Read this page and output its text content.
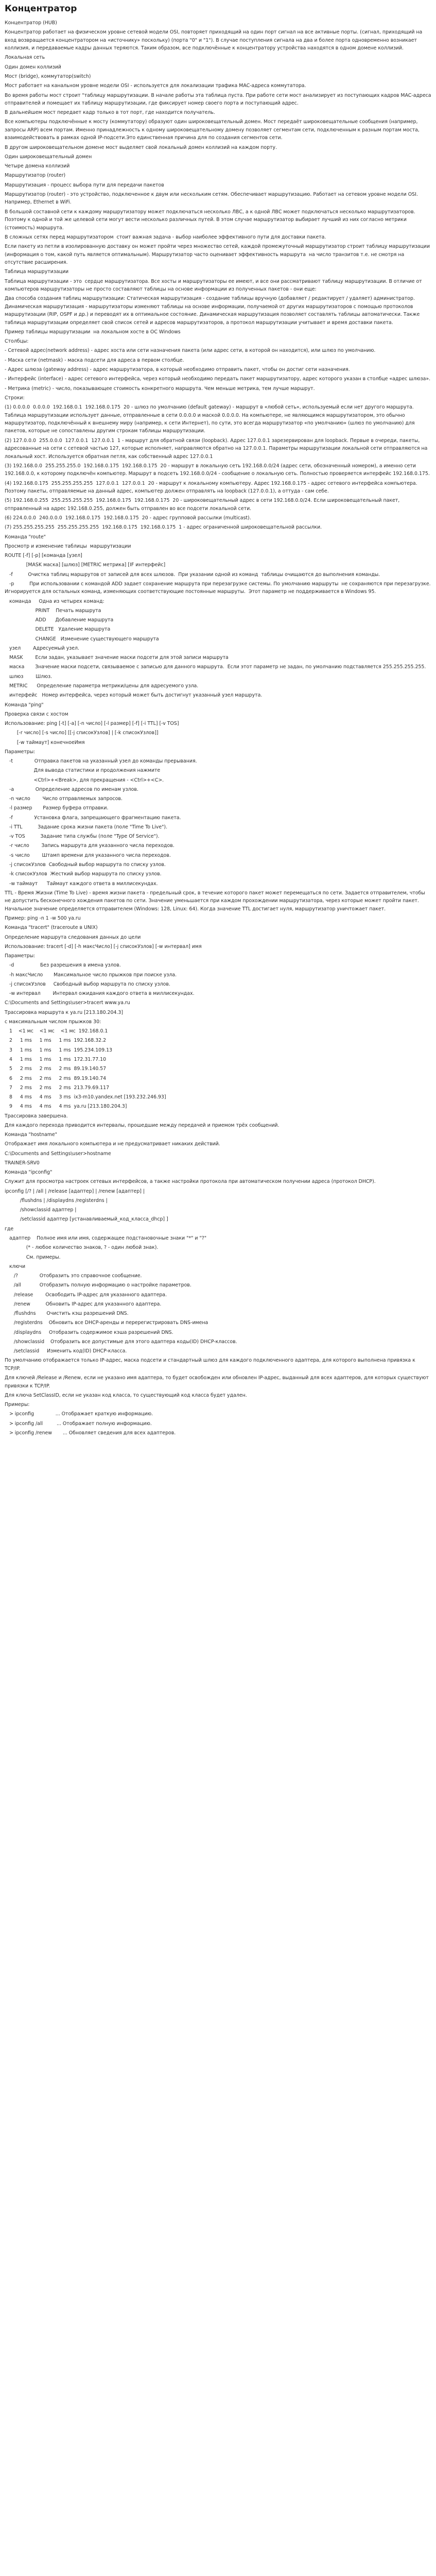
Концентратор
Концентратор (HUB)
Концентратор работает на физическом уровне сетевой модели OSI, повторяет приходящий на один порт сигнал на все активные порты. (сигнал, приходящий на вход возвращается концентратором на «источнику» поскольку) (порта "0" и "1"). В случае поступления сигнала на два и более порта одновременно возникает коллизия, и передаваемые кадры данных теряются. Таким образом, все подключённые к концентратору устройства находятся в одном домене коллизий.
Локальная сеть
Один домен коллизий
Мост (bridge), коммутатор(switch)
Мост работает на канальном уровне модели OSI - используется для локализации трафика MAC-адреса коммутатора.
Во время работы мост строит "таблицу маршрутизации. В начале работы эта таблица пуста. При работе сети мост анализирует из поступающих кадров MAC-адреса отправителей и помещает их таблицу маршрутизации, где фиксирует номер своего порта и поступающий адрес.
В дальнейшем мост передает кадр только в тот порт, где находится получатель.
Все компьютеры подключённые к мосту (коммутатору) образуют один широковещательный домен. Мост передаёт широковещательные сообщения (например, запросы ARP) всем портам. Именно принадлежность к одному широковещательному домену позволяет сегментам сети, подключенным к разным портам моста, взаимодействовать в рамках одной IP-подсети.Это единственная причина для по создания сегментов сети.
В другом широковещательном домене мост выделяет свой локальный домен коллизий на каждом порту.
Один широковещательный домен
Четыре домена коллизий
Маршрутизатор (router)
Маршрутизация - процесс выбора пути для передачи пакетов
Маршрутизатор (router) - это устройство, подключенное к двум или нескольким сетям. Обеспечивает маршрутизацию. Работает на сетевом уровне модели OSI. Например, Ethernet в WiFi.
В большой составной сети к каждому маршрутизатору может подключаться несколько ЛВС, а к одной ЛВС может подключаться несколько маршрутизаторов. Поэтому к одной и той же целевой сети могут вести несколько различных путей. В этом случае маршрутизатор выбирает лучший из них согласно метрики (стоимость) маршрута.
В сложных сетях перед маршрутизатором  стоит важная задача - выбор наиболее эффективного пути для доставки пакета.
Если пакету из петли в изолированную доставку он может пройти через множество сетей, каждой промежуточный маршрутизатор строит таблицу маршрутизации (информация о том, какой путь является оптимальным). Маршрутизатор часто оценивает эффективность маршрута  на число транзитов т.е. не смотря на отсутствие расширения.
Таблица маршрутизации
Таблица маршрутизации - это  сердце маршрутизатора. Все хосты и маршрутизаторы ее имеют, и все они рассматривают таблицу маршрутизации. В отличие от компьютеров маршрутизаторы не просто составляют таблицы на основе информации из полученных пакетов - они еще:
Два способа создания таблиц маршрутизации: Статическая маршрутизация - создание таблицы вручную (добавляет / редактирует / удаляет) администратор. Динамическая маршрутизация - маршрутизаторы изменяют таблицы на основе информации, получаемой от других маршрутизаторов с помощью протоколов маршрутизации (RIP, OSPF и др.) и переводят их в оптимальное состояние. Динамическая маршрутизация позволяет составлять таблицы автоматически. Также таблица маршрутизации определяет свой список сетей и адресов маршрутизаторов, а протокол маршрутизации учитывает и время доставки пакета.
Пример таблицы маршрутизации  на локальном хосте в ОС Windows
Столбцы:
- Сетевой адрес(network address) - адрес хоста или сети назначения пакета (или адрес сети, в которой он находится), или шлюз по умолчанию.
- Маска сети (netmask) - маска подсети для адреса в первом столбце.
- Адрес шлюза (gateway address) - адрес маршрутизатора, в который необходимо отправить пакет, чтобы он достиг сети назначения.
- Интерфейс (interface) - адрес сетевого интерфейса, через который необходимо передать пакет маршрутизатору, адрес которого указан в столбце «адрес шлюза».
- Метрика (metric) - число, показывающее стоимость конкретного маршрута. Чем меньше метрика, тем лучше маршрут.
Строки:
(1) 0.0.0.0  0.0.0.0  192.168.0.1  192.168.0.175  20 - шлюз по умолчанию (default gateway) - маршрут в «любой сеть», используемый если нет другого маршрута. Таблица маршрутизации использует данные, отправленные в сети 0.0.0.0 и маской 0.0.0.0. На компьютере, не являющимся маршрутизатором, это обычно маршрутизатор, подключённый к внешнему миру (например, к сети Интернет), по сути, это всегда маршрутизатор «по умолчанию» (шлюз по умолчанию) для пакетов, которые не сопоставлены другим строкам таблицы маршрутизации.
(2) 127.0.0.0  255.0.0.0  127.0.0.1  127.0.0.1  1 - маршрут для обратной связи (loopback). Адрес 127.0.0.1 зарезервирован для loopback. Первые в очереди, пакеты, адресованные на сети с сетевой частью 127, которые исполняет, направляются обратно на 127.0.0.1. Параметры маршрутизации локальной сети отправляются на локальный хост. Используется обратная петля, как собственный адрес 127.0.0.1
(3) 192.168.0.0  255.255.255.0  192.168.0.175  192.168.0.175  20 - маршрут в локальную сеть 192.168.0.0/24 (адрес сети, обозначенный номером), а именно сети 192.168.0.0, к которому подключён компьютер. Маршрут в подсеть 192.168.0.0/24 - сообщение о локальную сеть. Полностью проверяется интерфейс 192.168.0.175.
(4) 192.168.0.175  255.255.255.255  127.0.0.1  127.0.0.1  20 - маршрут к локальному компьютеру. Адрес 192.168.0.175 - адрес сетевого интерфейса компьютера. Поэтому пакеты, отправляемые на данный адрес, компьютер должен отправлять на loopback (127.0.0.1), а оттуда - сам себе.
(5) 192.168.0.255  255.255.255.255  192.168.0.175  192.168.0.175  20 - широковещательный адрес в сети 192.168.0.0/24. Если широковещательный пакет, отправленный на адрес 192.168.0.255, должен быть отправлен во все подсети локальной сети.
(6) 224.0.0.0  240.0.0.0  192.168.0.175  192.168.0.175  20 - адрес групповой рассылки (multicast).
(7) 255.255.255.255  255.255.255.255  192.168.0.175  192.168.0.175  1 - адрес ограниченной широковещательной рассылки.
Команда "route"
Просмотр и изменение таблицы  маршрутизации
ROUTE [-f] [-p] [команда [узел]
[MASK маска] [шлюз] [METRIC метрика] [IF интерфейс]
-f          Очистка таблиц маршрутов от записей для всех шлюзов.  При указании одной из команд  таблицы очищаются до выполнения команды.
-p          При использовании с командой ADD задает сохранение маршрута при перезагрузке системы. По умолчанию маршруты  не сохраняются при перезагрузке. Игнорируется для остальных команд, изменяющих соответствующие постоянные маршруты.  Этот параметр не поддерживается в Windows 95.
команда     Одна из четырех команд:
PRINT    Печать маршрута
ADD      Добавление маршрута
DELETE   Удаление маршрута
CHANGE   Изменение существующего маршрута
узел        Адресуемый узел.
MASK        Если задан, указывает значение маски подсети для этой записи маршрута
маска       Значение маски подсети, связываемое с записью для данного маршрута.  Если этот параметр не задан, по умолчанию подставляется 255.255.255.255.
шлюз        Шлюз.
METRIC      Определение параметра метрики/цены для адресуемого узла.
интерфейс   Номер интерфейса, через который может быть достигнут указанный узел маршрута.
Команда "ping"
Проверка связи с хостом
Использование: ping [-t] [-a] [-n число] [-l размер] [-f] [-i TTL] [-v TOS]
[-r число] [-s число] [[-j списокУзлов] | [-k списокУзлов]]
[-w таймаут] конечноеИмя
Параметры:
-t              Отправка пакетов на указанный узел до команды прерывания.
Для вывода статистики и продолжения нажмите
<Ctrl>+<Break>, для прекращения - <Ctrl>+<C>.
-a              Определение адресов по именам узлов.
-n число        Число отправляемых запросов.
-l размер       Размер буфера отправки.
-f              Установка флага, запрещающего фрагментацию пакета.
-i TTL          Задание срока жизни пакета (поле "Time To Live").
-v TOS          Задание типа службы (поле "Type Of Service").
-r число        Запись маршрута для указанного числа переходов.
-s число        Штамп времени для указанного числа переходов.
-j списокУзлов  Свободный выбор маршрута по списку узлов.
-k списокУзлов  Жесткий выбор маршрута по списку узлов.
-w таймаут      Таймаут каждого ответа в миллисекундах.
TTL - Время Жизни (Time To Live) - время жизни пакета - предельный срок, в течение которого пакет может перемещаться по сети. Задается отправителем, чтобы не допустить бесконечного хождения пакетов по сети. Значение уменьшается при каждом прохождении маршрутизатора, через которые может пройти пакет. Начальное значение определяется отправителем (Windows: 128, Linux: 64). Когда значение TTL достигает нуля, маршрутизатор уничтожает пакет.
Пример: ping -n 1 -w 500 ya.ru
Команда "tracert" (traceroute в UNIX)
Определение маршрута следования данных до цели
Использование: tracert [-d] [-h максЧисло] [-j списокУзлов] [-w интервал] имя
Параметры:
-d                 Без разрешения в имена узлов.
-h максЧисло       Максимальное число прыжков при поиске узла.
-j списокУзлов     Свободный выбор маршрута по списку узлов.
-w интервал        Интервал ожидания каждого ответа в миллисекундах.
C:\Documents and Settings\user>tracert www.ya.ru
Трассировка маршрута к ya.ru [213.180.204.3]
с максимальным числом прыжков 30:
1    <1 мс    <1 мс    <1 мс  192.168.0.1
2     1 ms     1 ms     1 ms  192.168.32.2
3     1 ms     1 ms     1 ms  195.234.109.13
4     1 ms     1 ms     1 ms  172.31.77.10
5     2 ms     2 ms     2 ms  89.19.140.57
6     2 ms     2 ms     2 ms  89.19.140.74
7     2 ms     2 ms     2 ms  213.79.69.117
8     4 ms     4 ms     3 ms  ix3-m10.yandex.net [193.232.246.93]
9     4 ms     4 ms     4 ms  ya.ru [213.180.204.3]
Трассировка завершена.
Для каждого перехода приводится интервалы, прошедшие между передачей и приемом трёх сообщений.
Команда "hostname"
Отображает имя локального компьютера и не предусматривает никаких действий.
C:\Documents and Settings\user>hostname
TRAINER-SRV0
Команда "ipconfig"
Служит для просмотра настроек сетевых интерфейсов, а также настройки протокола при автоматическом получении адреса (протокол DHCP).
ipconfig [/? | /all | /release [адаптер] | /renew [адаптер] |
/flushdns | /displaydns /registerdns |
/showclassid адаптер |
/setclassid адаптер [устанавливаемый_код_класса_dhcp] ]
где
адаптер    Полное имя или имя, содержащее подстановочные знаки "*" и "?"
(* - любое количество знаков, ? - один любой знак).
См. примеры.
ключи
/?              Отобразить это справочное сообщение.
/all            Отобразить полную информацию о настройке параметров.
/release        Освободить IP-адрес для указанного адаптера.
/renew          Обновить IP-адрес для указанного адаптера.
/flushdns       Очистить кэш разрешений DNS.
/registerdns    Обновить все DHCP-аренды и перерегистрировать DNS-имена
/displaydns     Отобразить содержимое кэша разрешений DNS.
/showclassid    Отобразить все допустимые для этого адаптера коды(ID) DHCP-классов.
/setclassid     Изменить код(ID) DHCP-класса.
По умолчанию отображается только IP-адрес, маска подсети и стандартный шлюз для каждого подключенного адаптера, для которого выполнена привязка к TCP/IP.
Для ключей /Release и /Renew, если не указано имя адаптера, то будет освобожден или обновлен IP-адрес, выданный для всех адаптеров, для которых существуют привязки к TCP/IP.
Для ключа SetClassID, если не указан код класса, то существующий код класса будет удален.
Примеры:
> ipconfig              ... Отображает краткую информацию.
> ipconfig /all         ... Отображает полную информацию.
> ipconfig /renew       ... Обновляет сведения для всех адаптеров.
